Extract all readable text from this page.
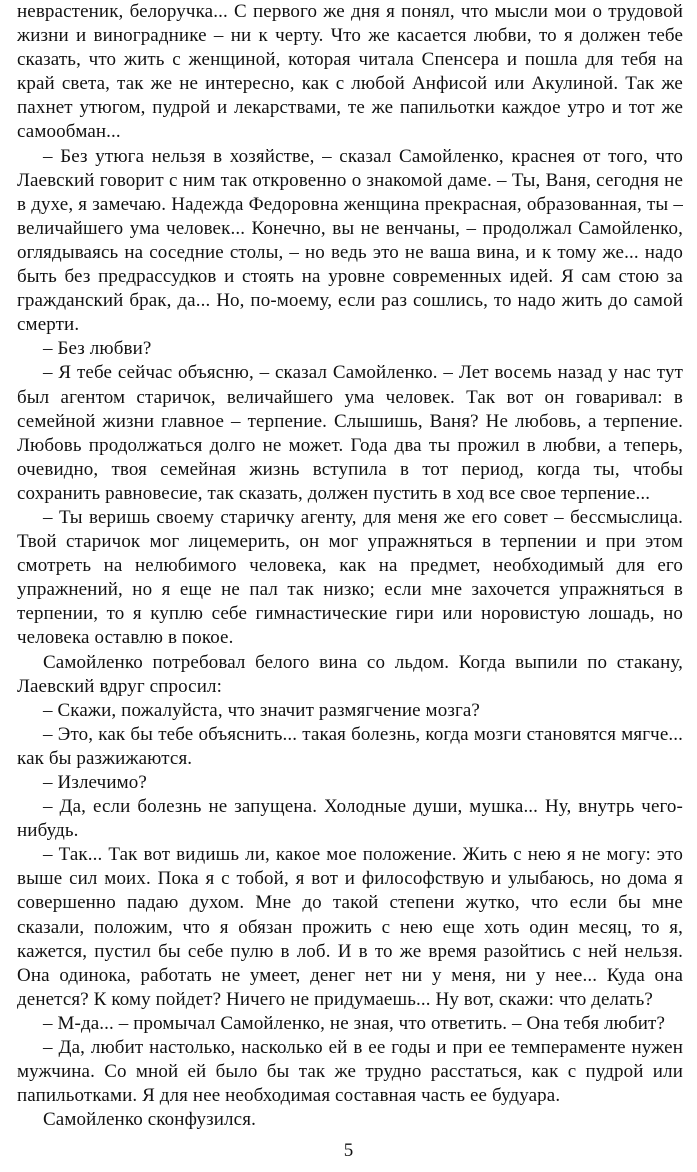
неврастеник, белоручка... С первого же дня я понял, что мысли мои о трудовой жизни и винограднике – ни к черту. Что же касается любви, то я должен тебе сказать, что жить с женщиной, которая читала Спенсера и пошла для тебя на край света, так же не интересно, как с любой Анфисой или Акулиной. Так же пахнет утюгом, пудрой и лекарствами, те же папильотки каждое утро и тот же самообман...

– Без утюга нельзя в хозяйстве, – сказал Самойленко, краснея от того, что Лаевский говорит с ним так откровенно о знакомой даме. – Ты, Ваня, сегодня не в духе, я замечаю. Надежда Федоровна женщина прекрасная, образованная, ты – величайшего ума человек... Конечно, вы не венчаны, – продолжал Самойленко, оглядываясь на соседние столы, – но ведь это не ваша вина, и к тому же... надо быть без предрассудков и стоять на уровне современных идей. Я сам стою за гражданский брак, да... Но, по-моему, если раз сошлись, то надо жить до самой смерти.

– Без любви?

– Я тебе сейчас объясню, – сказал Самойленко. – Лет восемь назад у нас тут был агентом старичок, величайшего ума человек. Так вот он говаривал: в семейной жизни главное – терпение. Слышишь, Ваня? Не любовь, а терпение. Любовь продолжаться долго не может. Года два ты прожил в любви, а теперь, очевидно, твоя семейная жизнь вступила в тот период, когда ты, чтобы сохранить равновесие, так сказать, должен пустить в ход все свое терпение...

– Ты веришь своему старичку агенту, для меня же его совет – бессмыслица. Твой старичок мог лицемерить, он мог упражняться в терпении и при этом смотреть на нелюбимого человека, как на предмет, необходимый для его упражнений, но я еще не пал так низко; если мне захочется упражняться в терпении, то я куплю себе гимнастические гири или норовистую лошадь, но человека оставлю в покое.

Самойленко потребовал белого вина со льдом. Когда выпили по стакану, Лаевский вдруг спросил:

– Скажи, пожалуйста, что значит размягчение мозга?

– Это, как бы тебе объяснить... такая болезнь, когда мозги становятся мягче... как бы разжижаются.

– Излечимо?

– Да, если болезнь не запущена. Холодные души, мушка... Ну, внутрь чего-нибудь.

– Так... Так вот видишь ли, какое мое положение. Жить с нею я не могу: это выше сил моих. Пока я с тобой, я вот и философствую и улыбаюсь, но дома я совершенно падаю духом. Мне до такой степени жутко, что если бы мне сказали, положим, что я обязан прожить с нею еще хоть один месяц, то я, кажется, пустил бы себе пулю в лоб. И в то же время разойтись с ней нельзя. Она одинока, работать не умеет, денег нет ни у меня, ни у нее... Куда она денется? К кому пойдет? Ничего не придумаешь... Ну вот, скажи: что делать?

– М-да... – промычал Самойленко, не зная, что ответить. – Она тебя любит?

– Да, любит настолько, насколько ей в ее годы и при ее темпераменте нужен мужчина. Со мной ей было бы так же трудно расстаться, как с пудрой или папильотками. Я для нее необходимая составная часть ее будуара.

Самойленко сконфузился.

5
